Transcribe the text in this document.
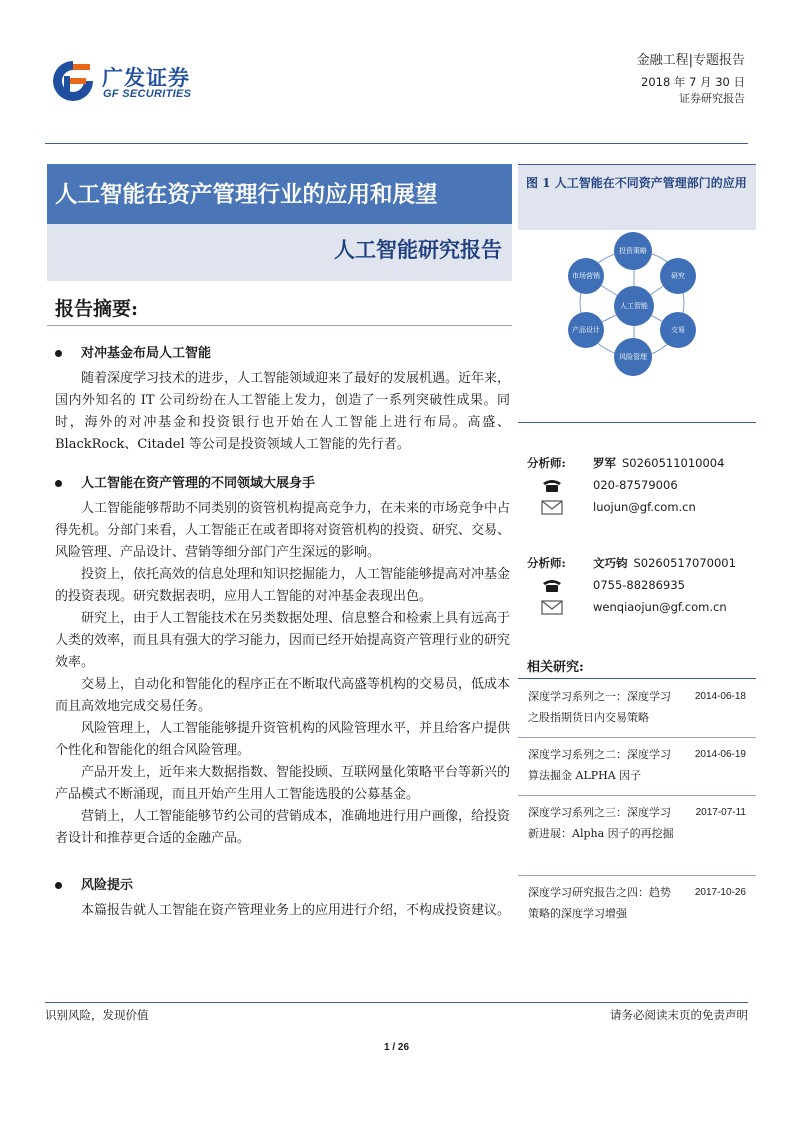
广发证券
GF SECURITIES
金融工程|专题报告
2018 年 7 月 30 日
证券研究报告
人工智能在资产管理行业的应用和展望
人工智能研究报告
报告摘要:
对冲基金布局人工智能

随着深度学习技术的进步，人工智能领域迎来了最好的发展机遇。近年来，国内外知名的 IT 公司纷纷在人工智能上发力，创造了一系列突破性成果。同时，海外的对冲基金和投资银行也开始在人工智能上进行布局。高盛、BlackRock、Citadel 等公司是投资领域人工智能的先行者。

人工智能在资产管理的不同领域大展身手

人工智能能够帮助不同类别的资管机构提高竞争力，在未来的市场竞争中占得先机。分部门来看，人工智能正在或者即将对资管机构的投资、研究、交易、风险管理、产品设计、营销等细分部门产生深远的影响。

投资上，依托高效的信息处理和知识挖掘能力，人工智能能够提高对冲基金的投资表现。研究数据表明，应用人工智能的对冲基金表现出色。

研究上，由于人工智能技术在另类数据处理、信息整合和检索上具有远高于人类的效率，而且具有强大的学习能力，因而已经开始提高资产管理行业的研究效率。

交易上，自动化和智能化的程序正在不断取代高盛等机构的交易员，低成本而且高效地完成交易任务。

风险管理上，人工智能能够提升资管机构的风险管理水平，并且给客户提供个性化和智能化的组合风险管理。

产品开发上，近年来大数据指数、智能投顾、互联网量化策略平台等新兴的产品模式不断涌现，而且开始产生用人工智能选股的公募基金。

营销上，人工智能能够节约公司的营销成本，准确地进行用户画像，给投资者设计和推荐更合适的金融产品。

风险提示

本篇报告就人工智能在资产管理业务上的应用进行介绍，不构成投资建议。

图 1 人工智能在不同资产管理部门的应用
人工智能
投资策略
研究
交易
风险管理
产品设计
市场营销
分析师: 罗军 S0260511010004
020-87579006
luojun@gf.com.cn
分析师: 文巧钧 S0260517070001
0755-88286935
wenqiaojun@gf.com.cn
相关研究:
深度学习系列之一：深度学习之股指期货日内交易策略
2014-06-18
深度学习系列之二：深度学习算法掘金 ALPHA 因子
2014-06-19
深度学习系列之三：深度学习新进展：Alpha 因子的再挖掘
2017-07-11
深度学习研究报告之四：趋势策略的深度学习增强
2017-10-26
识别风险，发现价值	请务必阅读末页的免责声明
1 / 26
